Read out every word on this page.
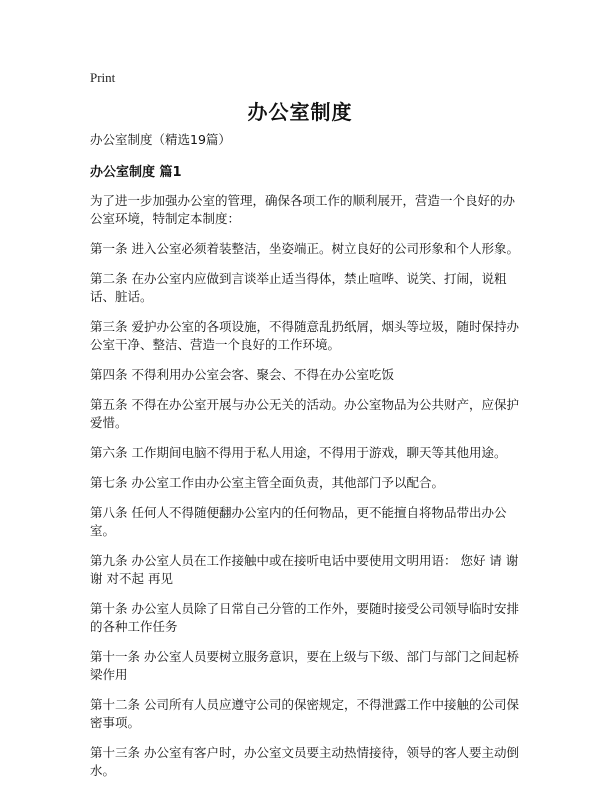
Print
办公室制度

办公室制度（精选19篇）

办公室制度 篇1

为了进一步加强办公室的管理，确保各项工作的顺利展开，营造一个良好的办公室环境，特制定本制度：

第一条 进入公室必须着装整洁，坐姿端正。树立良好的公司形象和个人形象。

第二条 在办公室内应做到言谈举止适当得体，禁止喧哗、说笑、打闹，说粗话、脏话。

第三条 爱护办公室的各项设施，不得随意乱扔纸屑，烟头等垃圾，随时保持办公室干净、整洁、营造一个良好的工作环境。

第四条 不得利用办公室会客、聚会、不得在办公室吃饭

第五条 不得在办公室开展与办公无关的活动。办公室物品为公共财产，应保护爱惜。

第六条 工作期间电脑不得用于私人用途，不得用于游戏，聊天等其他用途。

第七条 办公室工作由办公室主管全面负责，其他部门予以配合。

第八条 任何人不得随便翻办公室内的任何物品，更不能擅自将物品带出办公室。

第九条 办公室人员在工作接触中或在接听电话中要使用文明用语： 您好 请 谢谢 对不起 再见

第十条 办公室人员除了日常自己分管的工作外，要随时接受公司领导临时安排的各种工作任务

第十一条 办公室人员要树立服务意识，要在上级与下级、部门与部门之间起桥梁作用

第十二条 公司所有人员应遵守公司的保密规定，不得泄露工作中接触的公司保密事项。

第十三条 办公室有客户时，办公室文员要主动热情接待，领导的客人要主动倒水。
